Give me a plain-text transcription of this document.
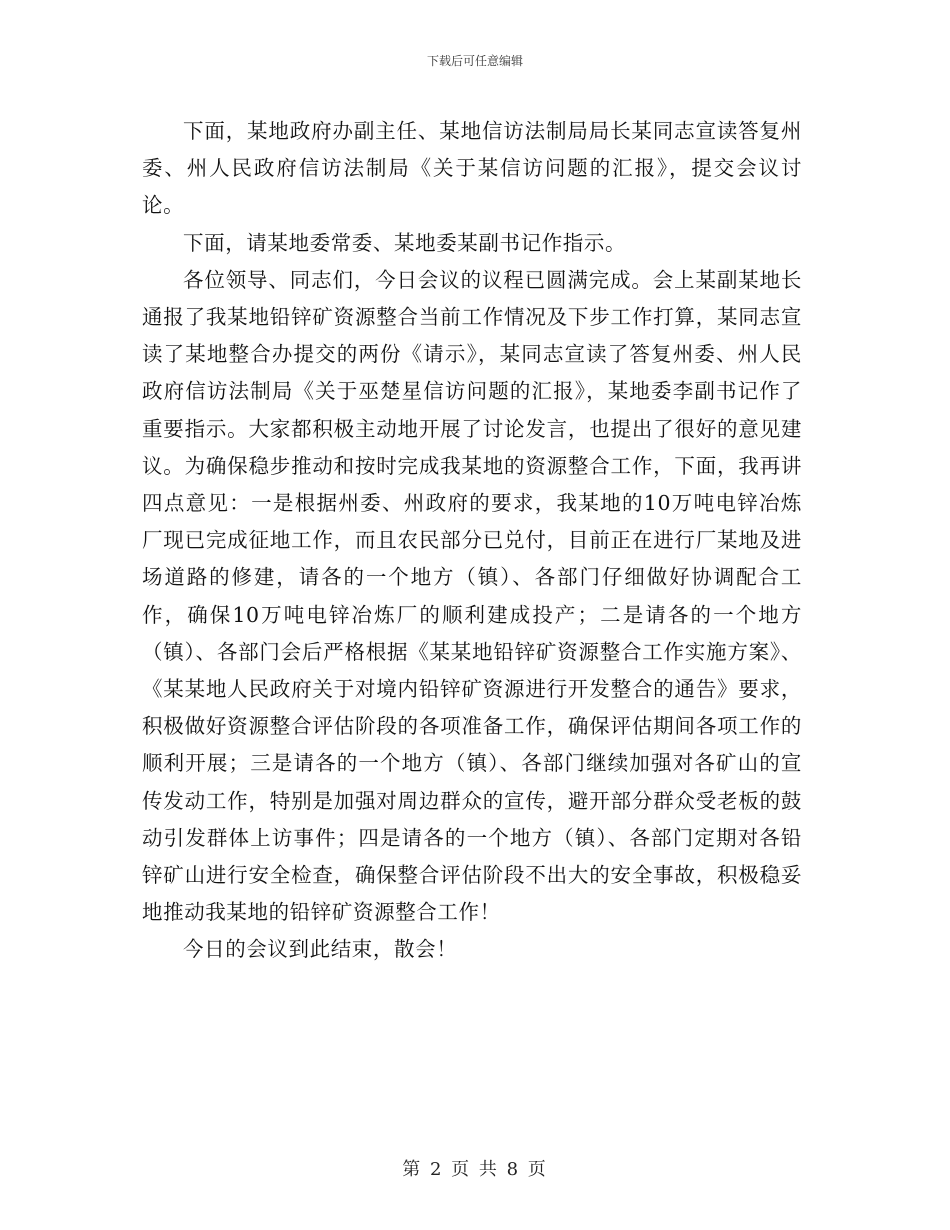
下载后可任意编辑

下面，某地政府办副主任、某地信访法制局局长某同志宣读答复州委、州人民政府信访法制局《关于某信访问题的汇报》，提交会议讨论。

下面，请某地委常委、某地委某副书记作指示。

各位领导、同志们，今日会议的议程已圆满完成。会上某副某地长通报了我某地铅锌矿资源整合当前工作情况及下步工作打算，某同志宣读了某地整合办提交的两份《请示》，某同志宣读了答复州委、州人民政府信访法制局《关于巫楚星信访问题的汇报》，某地委李副书记作了重要指示。大家都积极主动地开展了讨论发言，也提出了很好的意见建议。为确保稳步推动和按时完成我某地的资源整合工作，下面，我再讲四点意见：一是根据州委、州政府的要求，我某地的10万吨电锌冶炼厂现已完成征地工作，而且农民部分已兑付，目前正在进行厂某地及进场道路的修建，请各的一个地方（镇）、各部门仔细做好协调配合工作，确保10万吨电锌冶炼厂的顺利建成投产；二是请各的一个地方（镇）、各部门会后严格根据《某某地铅锌矿资源整合工作实施方案》、《某某地人民政府关于对境内铅锌矿资源进行开发整合的通告》要求，积极做好资源整合评估阶段的各项准备工作，确保评估期间各项工作的顺利开展；三是请各的一个地方（镇）、各部门继续加强对各矿山的宣传发动工作，特别是加强对周边群众的宣传，避开部分群众受老板的鼓动引发群体上访事件；四是请各的一个地方（镇）、各部门定期对各铅锌矿山进行安全检查，确保整合评估阶段不出大的安全事故，积极稳妥地推动我某地的铅锌矿资源整合工作！

今日的会议到此结束，散会！

第 2 页 共 8 页
